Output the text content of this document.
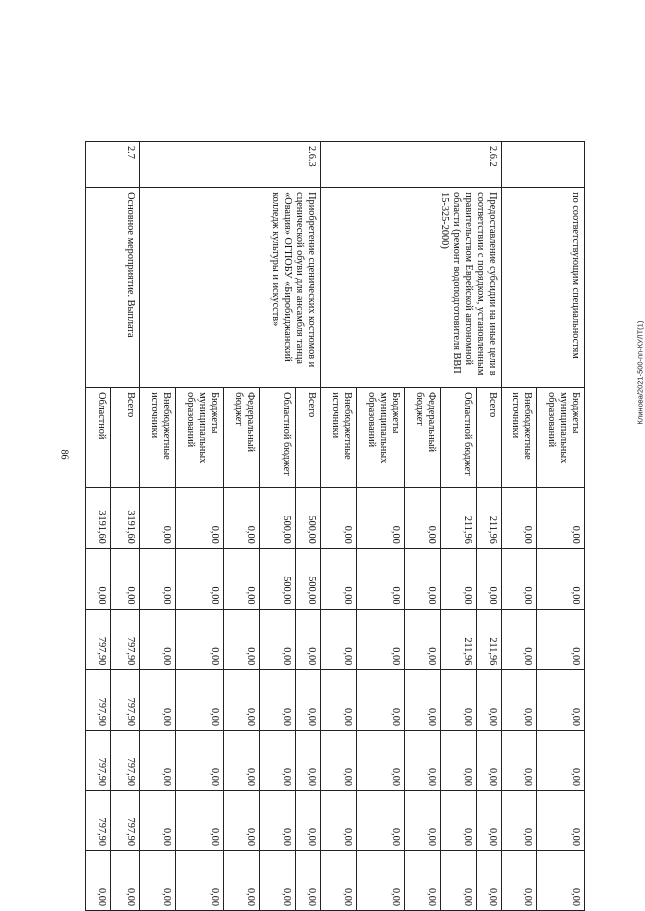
86
Клинова/2021-500-пп-КУЛТ(1)
	по соответствующим специальностям	Бюджеты муниципальных образований	0,00	0,00	0,00	0,00	0,00	0,00	0,00
		Внебюджетные источники	0,00	0,00	0,00	0,00	0,00	0,00	0,00
2.6.2	Предоставление субсидии на иные цели в соответствии с порядком, установленным правительством Еврейской автономной области (ремонт водоподготовителя ВВП 15-325-2000)	Всего	211,96	0,00	211,96	0,00	0,00	0,00	0,00
		Областной бюджет	211,96	0,00	211,96	0,00	0,00	0,00	0,00
		Федеральный бюджет	0,00	0,00	0,00	0,00	0,00	0,00	0,00
		Бюджеты муниципальных образований	0,00	0,00	0,00	0,00	0,00	0,00	0,00
		Внебюджетные источники	0,00	0,00	0,00	0,00	0,00	0,00	0,00
2.6.3	Приобретение сценических костюмов и сценической обуви для ансамбля танца «Овация» ОГПОБУ «Биробиджанский колледж культуры и искусств»	Всего	500,00	500,00	0,00	0,00	0,00	0,00	0,00
		Областной бюджет	500,00	500,00	0,00	0,00	0,00	0,00	0,00
		Федеральный бюджет	0,00	0,00	0,00	0,00	0,00	0,00	0,00
		Бюджеты муниципальных образований	0,00	0,00	0,00	0,00	0,00	0,00	0,00
		Внебюджетные источники	0,00	0,00	0,00	0,00	0,00	0,00	0,00
2.7	Основное мероприятие. Выплата	Всего	3191,60	0,00	797,90	797,90	797,90	797,90	0,00
		Областной	3191,60	0,00	797,90	797,90	797,90	797,90	0,00
